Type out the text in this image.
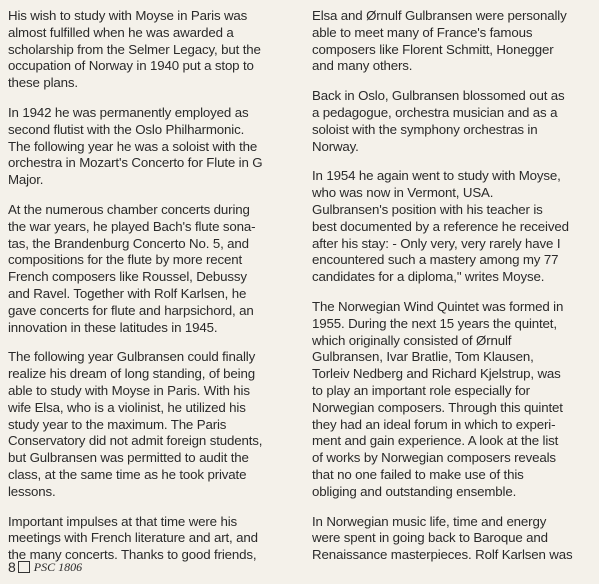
His wish to study with Moyse in Paris was
almost fulfilled when he was awarded a
scholarship from the Selmer Legacy, but the
occupation of Norway in 1940 put a stop to
these plans.

In 1942 he was permanently employed as
second flutist with the Oslo Philharmonic.
The following year he was a soloist with the
orchestra in Mozart's Concerto for Flute in G
Major.

At the numerous chamber concerts during
the war years, he played Bach's flute sona-
tas, the Brandenburg Concerto No. 5, and
compositions for the flute by more recent
French composers like Roussel, Debussy
and Ravel. Together with Rolf Karlsen, he
gave concerts for flute and harpsichord, an
innovation in these latitudes in 1945.

The following year Gulbransen could finally
realize his dream of long standing, of being
able to study with Moyse in Paris. With his
wife Elsa, who is a violinist, he utilized his
study year to the maximum. The Paris
Conservatory did not admit foreign students,
but Gulbransen was permitted to audit the
class, at the same time as he took private
lessons.

Important impulses at that time were his
meetings with French literature and art, and
the many concerts. Thanks to good friends,

Elsa and Ørnulf Gulbransen were personally
able to meet many of France's famous
composers like Florent Schmitt, Honegger
and many others.

Back in Oslo, Gulbransen blossomed out as
a pedagogue, orchestra musician and as a
soloist with the symphony orchestras in
Norway.

In 1954 he again went to study with Moyse,
who was now in Vermont, USA.
Gulbransen's position with his teacher is
best documented by a reference he received
after his stay: - Only very, very rarely have I
encountered such a mastery among my 77
candidates for a diploma," writes Moyse.

The Norwegian Wind Quintet was formed in
1955. During the next 15 years the quintet,
which originally consisted of Ørnulf
Gulbransen, Ivar Bratlie, Tom Klausen,
Torleiv Nedberg and Richard Kjelstrup, was
to play an important role especially for
Norwegian composers. Through this quintet
they had an ideal forum in which to experi-
ment and gain experience. A look at the list
of works by Norwegian composers reveals
that no one failed to make use of this
obliging and outstanding ensemble.

In Norwegian music life, time and energy
were spent in going back to Baroque and
Renaissance masterpieces. Rolf Karlsen was

8 PSC 1806
